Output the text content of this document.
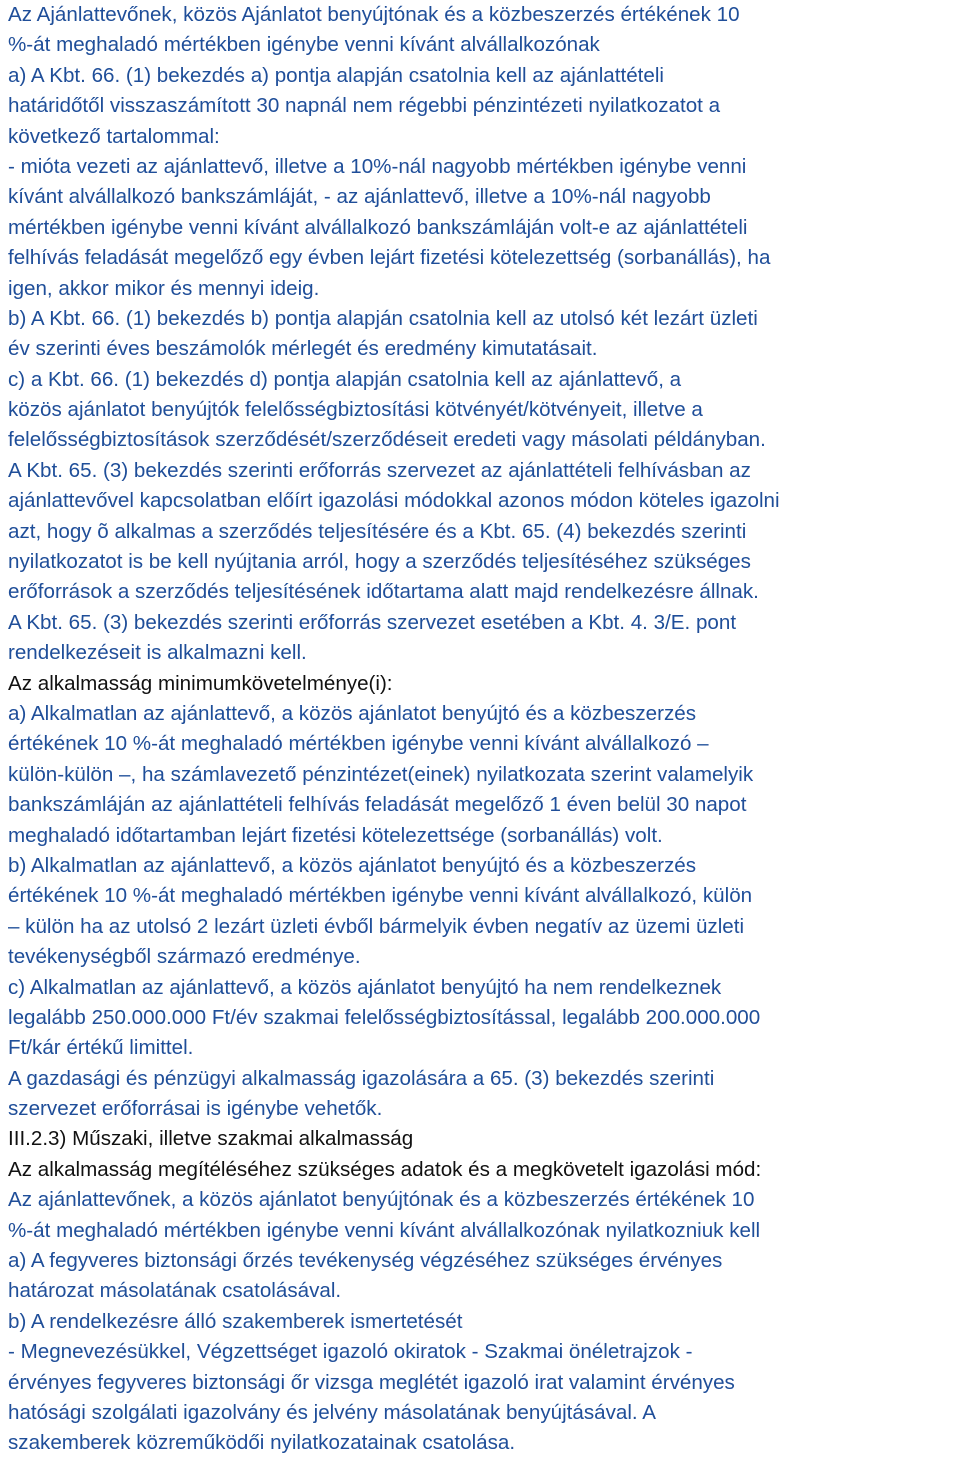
Az Ajánlattevőnek, közös Ajánlatot benyújtónak és a közbeszerzés értékének 10
%-át meghaladó mértékben igénybe venni kívánt alvállalkozónak
a) A Kbt. 66. (1) bekezdés a) pontja alapján csatolnia kell az ajánlattételi
határidőtől visszaszámított 30 napnál nem régebbi pénzintézeti nyilatkozatot a
következő tartalommal:
- mióta vezeti az ajánlattevő, illetve a 10%-nál nagyobb mértékben igénybe venni
kívánt alvállalkozó bankszámláját, - az ajánlattevő, illetve a 10%-nál nagyobb
mértékben igénybe venni kívánt alvállalkozó bankszámláján volt-e az ajánlattételi
felhívás feladását megelőző egy évben lejárt fizetési kötelezettség (sorbanállás), ha
igen, akkor mikor és mennyi ideig.
b) A Kbt. 66. (1) bekezdés b) pontja alapján csatolnia kell az utolsó két lezárt üzleti
év szerinti éves beszámolók mérlegét és eredmény kimutatásait.
c) a Kbt. 66. (1) bekezdés d) pontja alapján csatolnia kell az ajánlattevő, a
közös ajánlatot benyújtók felelősségbiztosítási kötvényét/kötvényeit, illetve a
felelősségbiztosítások szerződését/szerződéseit eredeti vagy másolati példányban.
A Kbt. 65. (3) bekezdés szerinti erőforrás szervezet az ajánlattételi felhívásban az
ajánlattevővel kapcsolatban előírt igazolási módokkal azonos módon köteles igazolni
azt, hogy õ alkalmas a szerződés teljesítésére és a Kbt. 65. (4) bekezdés szerinti
nyilatkozatot is be kell nyújtania arról, hogy a szerződés teljesítéséhez szükséges
erőforrások a szerződés teljesítésének időtartama alatt majd rendelkezésre állnak.
A Kbt. 65. (3) bekezdés szerinti erőforrás szervezet esetében a Kbt. 4. 3/E. pont
rendelkezéseit is alkalmazni kell.
Az alkalmasság minimumkövetelménye(i):
a) Alkalmatlan az ajánlattevő, a közös ajánlatot benyújtó és a közbeszerzés
értékének 10 %-át meghaladó mértékben igénybe venni kívánt alvállalkozó –
külön-külön –, ha számlavezető pénzintézet(einek) nyilatkozata szerint valamelyik
bankszámláján az ajánlattételi felhívás feladását megelőző 1 éven belül 30 napot
meghaladó időtartamban lejárt fizetési kötelezettsége (sorbanállás) volt.
b) Alkalmatlan az ajánlattevő, a közös ajánlatot benyújtó és a közbeszerzés
értékének 10 %-át meghaladó mértékben igénybe venni kívánt alvállalkozó, külön
– külön ha az utolsó 2 lezárt üzleti évből bármelyik évben negatív az üzemi üzleti
tevékenységből származó eredménye.
c) Alkalmatlan az ajánlattevő, a közös ajánlatot benyújtó ha nem rendelkeznek
legalább 250.000.000 Ft/év szakmai felelősségbiztosítással, legalább 200.000.000
Ft/kár értékű limittel.
A gazdasági és pénzügyi alkalmasság igazolására a 65. (3) bekezdés szerinti
szervezet erőforrásai is igénybe vehetők.
III.2.3) Műszaki, illetve szakmai alkalmasság
Az alkalmasság megítéléséhez szükséges adatok és a megkövetelt igazolási mód:
Az ajánlattevőnek, a közös ajánlatot benyújtónak és a közbeszerzés értékének 10
%-át meghaladó mértékben igénybe venni kívánt alvállalkozónak nyilatkozniuk kell
a) A fegyveres biztonsági őrzés tevékenység végzéséhez szükséges érvényes
határozat másolatának csatolásával.
b) A rendelkezésre álló szakemberek ismertetését
- Megnevezésükkel, Végzettséget igazoló okiratok - Szakmai önéletrajzok -
érvényes fegyveres biztonsági őr vizsga meglétét igazoló irat valamint érvényes
hatósági szolgálati igazolvány és jelvény másolatának benyújtásával. A
szakemberek közreműködői nyilatkozatainak csatolása.
